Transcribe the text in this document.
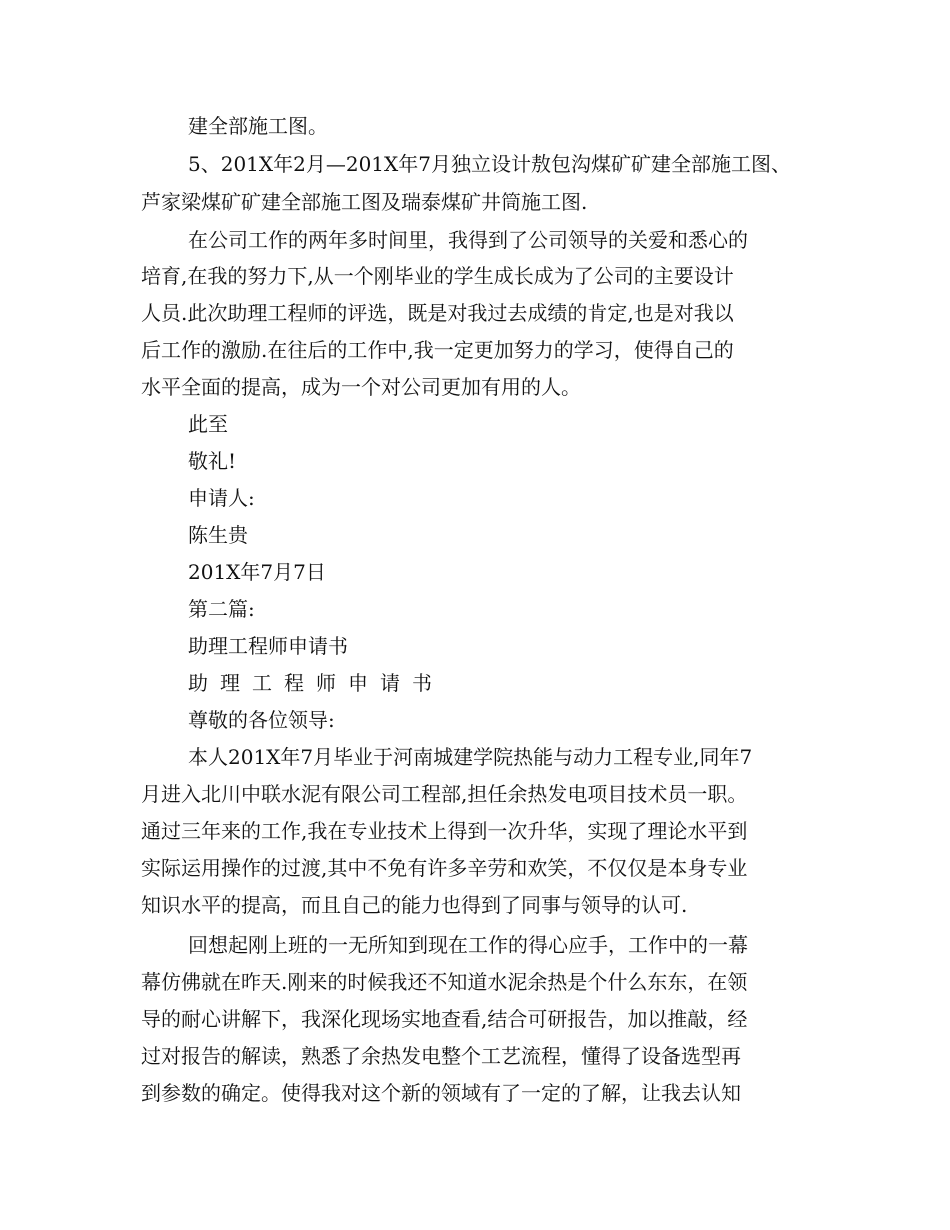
建全部施工图。
5、201X年2月—201X年7月独立设计敖包沟煤矿矿建全部施工图、
芦家梁煤矿矿建全部施工图及瑞泰煤矿井筒施工图.
在公司工作的两年多时间里，我得到了公司领导的关爱和悉心的
培育,在我的努力下,从一个刚毕业的学生成长成为了公司的主要设计
人员.此次助理工程师的评选，既是对我过去成绩的肯定,也是对我以
后工作的激励.在往后的工作中,我一定更加努力的学习，使得自己的
水平全面的提高，成为一个对公司更加有用的人。
此至
敬礼!
申请人:
陈生贵
201X年7月7日
第二篇:
助理工程师申请书
助理工程师申请书
尊敬的各位领导:
本人201X年7月毕业于河南城建学院热能与动力工程专业,同年7
月进入北川中联水泥有限公司工程部,担任余热发电项目技术员一职。
通过三年来的工作,我在专业技术上得到一次升华，实现了理论水平到
实际运用操作的过渡,其中不免有许多辛劳和欢笑，不仅仅是本身专业
知识水平的提高，而且自己的能力也得到了同事与领导的认可.
回想起刚上班的一无所知到现在工作的得心应手，工作中的一幕
幕仿佛就在昨天.刚来的时候我还不知道水泥余热是个什么东东，在领
导的耐心讲解下，我深化现场实地查看,结合可研报告，加以推敲，经
过对报告的解读，熟悉了余热发电整个工艺流程，懂得了设备选型再
到参数的确定。使得我对这个新的领域有了一定的了解，让我去认知
